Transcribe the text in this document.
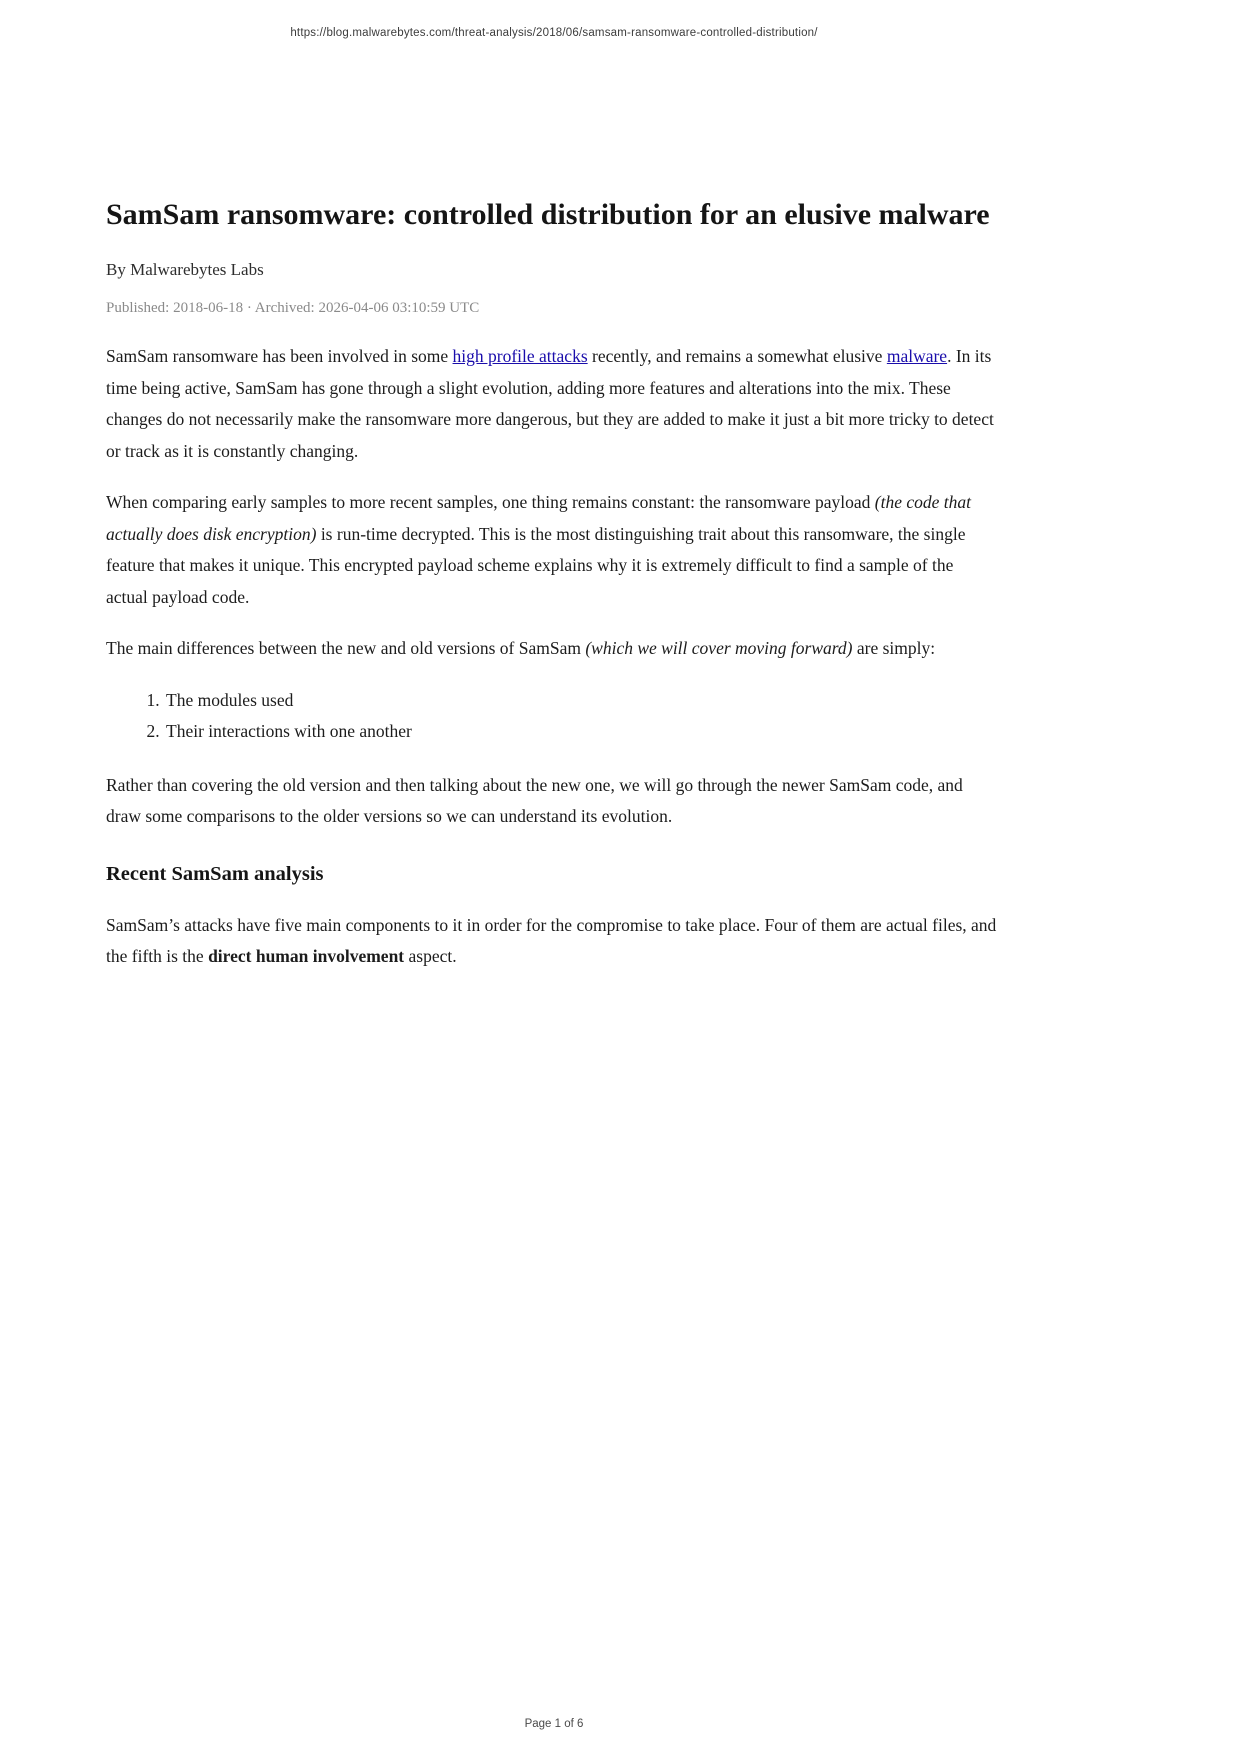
https://blog.malwarebytes.com/threat-analysis/2018/06/samsam-ransomware-controlled-distribution/
SamSam ransomware: controlled distribution for an elusive malware
By Malwarebytes Labs
Published: 2018-06-18 · Archived: 2026-04-06 03:10:59 UTC

SamSam ransomware has been involved in some high profile attacks recently, and remains a somewhat elusive malware. In its time being active, SamSam has gone through a slight evolution, adding more features and alterations into the mix. These changes do not necessarily make the ransomware more dangerous, but they are added to make it just a bit more tricky to detect or track as it is constantly changing.

When comparing early samples to more recent samples, one thing remains constant: the ransomware payload (the code that actually does disk encryption) is run-time decrypted. This is the most distinguishing trait about this ransomware, the single feature that makes it unique. This encrypted payload scheme explains why it is extremely difficult to find a sample of the actual payload code.

The main differences between the new and old versions of SamSam (which we will cover moving forward) are simply:

1. The modules used
2. Their interactions with one another

Rather than covering the old version and then talking about the new one, we will go through the newer SamSam code, and draw some comparisons to the older versions so we can understand its evolution.

Recent SamSam analysis

SamSam’s attacks have five main components to it in order for the compromise to take place. Four of them are actual files, and the fifth is the direct human involvement aspect.

Page 1 of 6
